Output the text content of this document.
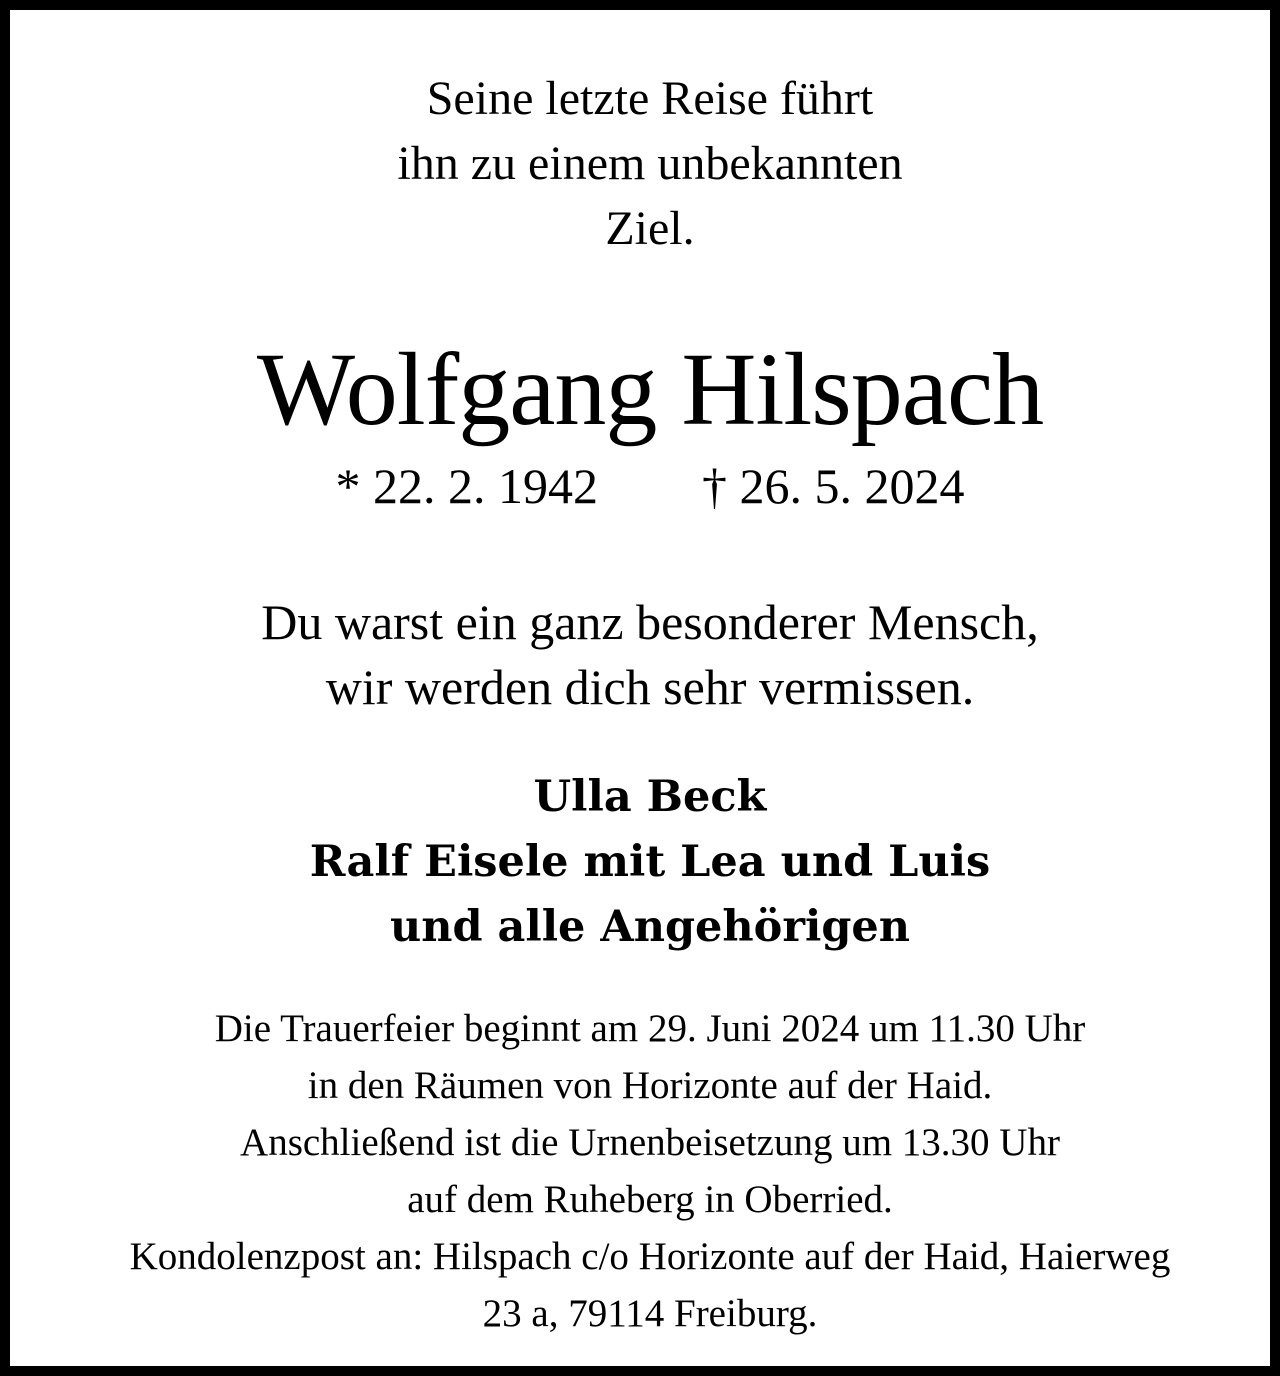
Seine letzte Reise führt
ihn zu einem unbekannten
Ziel.
Wolfgang Hilspach
* 22. 2. 1942 † 26. 5. 2024
Du warst ein ganz besonderer Mensch,
wir werden dich sehr vermissen.
Ulla Beck
Ralf Eisele mit Lea und Luis
und alle Angehörigen
Die Trauerfeier beginnt am 29. Juni 2024 um 11.30 Uhr
in den Räumen von Horizonte auf der Haid.
Anschließend ist die Urnenbeisetzung um 13.30 Uhr
auf dem Ruheberg in Oberried.
Kondolenzpost an: Hilspach c/o Horizonte auf der Haid, Haierweg
23 a, 79114 Freiburg.
